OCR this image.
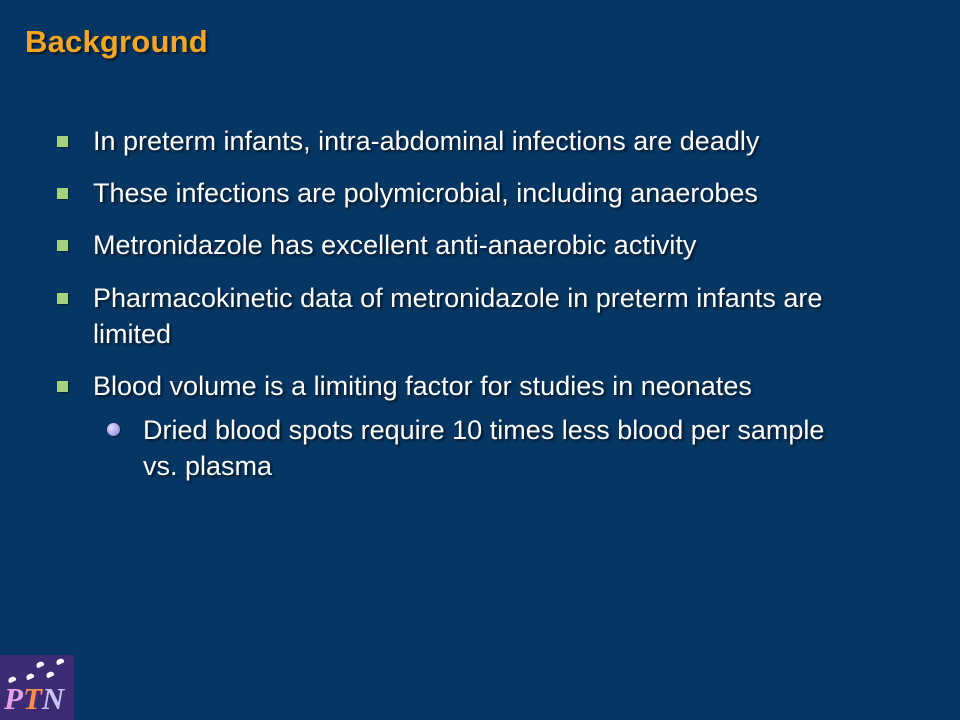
Background
In preterm infants, intra-abdominal infections are deadly
These infections are polymicrobial, including anaerobes
Metronidazole has excellent anti-anaerobic activity
Pharmacokinetic data of metronidazole in preterm infants are limited
Blood volume is a limiting factor for studies in neonates
Dried blood spots require 10 times less blood per sample vs. plasma
PTN
